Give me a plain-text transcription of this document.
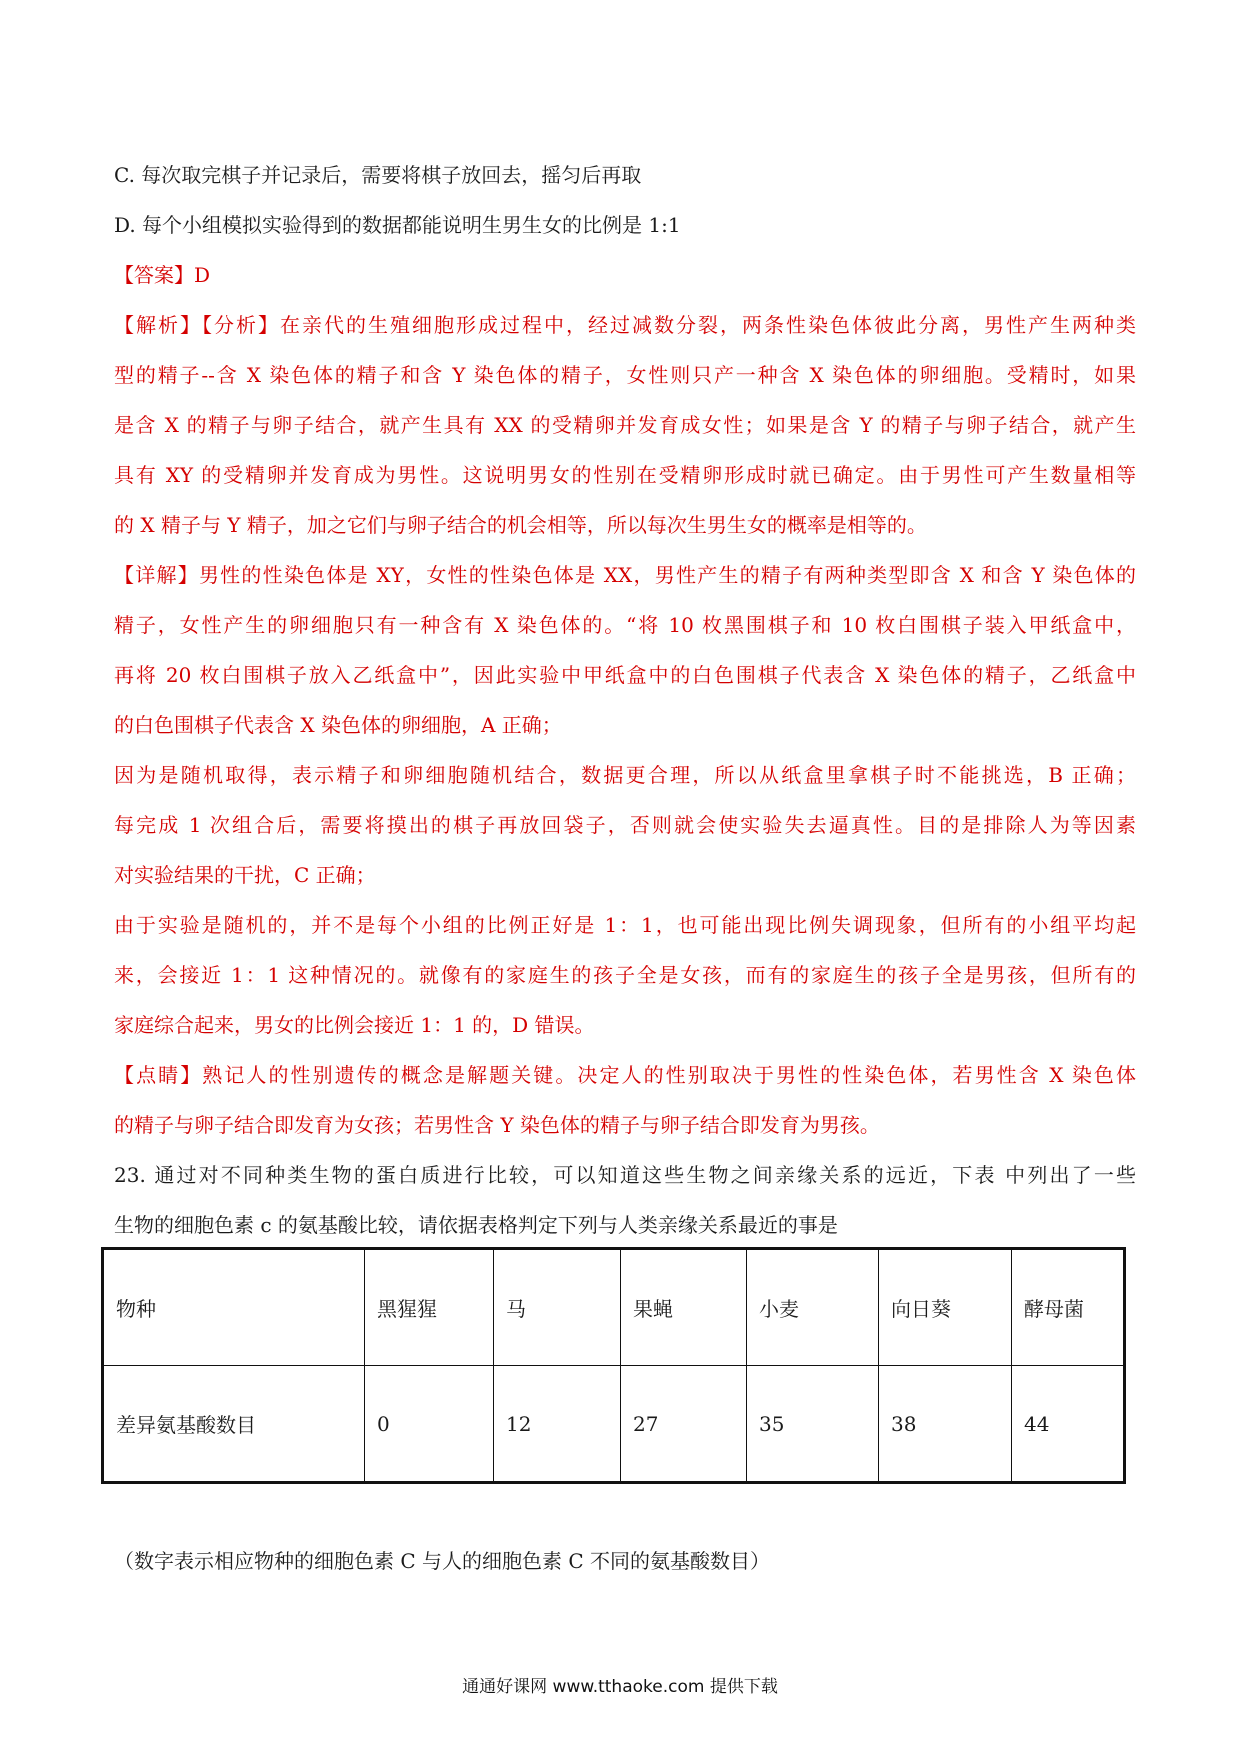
C. 每次取完棋子并记录后，需要将棋子放回去，摇匀后再取
D. 每个小组模拟实验得到的数据都能说明生男生女的比例是 1:1
【答案】D
【解析】【分析】在亲代的生殖细胞形成过程中，经过减数分裂，两条性染色体彼此分离，男性产生两种类
型的精子--含 X 染色体的精子和含 Y 染色体的精子，女性则只产一种含 X 染色体的卵细胞。受精时，如果
是含 X 的精子与卵子结合，就产生具有 XX 的受精卵并发育成女性；如果是含 Y 的精子与卵子结合，就产生
具有 XY 的受精卵并发育成为男性。这说明男女的性别在受精卵形成时就已确定。由于男性可产生数量相等
的 X 精子与 Y 精子，加之它们与卵子结合的机会相等，所以每次生男生女的概率是相等的。
【详解】男性的性染色体是 XY，女性的性染色体是 XX，男性产生的精子有两种类型即含 X 和含 Y 染色体的
精子，女性产生的卵细胞只有一种含有 X 染色体的。“将 10 枚黑围棋子和 10 枚白围棋子装入甲纸盒中，
再将 20 枚白围棋子放入乙纸盒中”，因此实验中甲纸盒中的白色围棋子代表含 X 染色体的精子，乙纸盒中
的白色围棋子代表含 X 染色体的卵细胞，A 正确；
因为是随机取得，表示精子和卵细胞随机结合，数据更合理，所以从纸盒里拿棋子时不能挑选，B 正确；
每完成 1 次组合后，需要将摸出的棋子再放回袋子，否则就会使实验失去逼真性。目的是排除人为等因素
对实验结果的干扰，C 正确；
由于实验是随机的，并不是每个小组的比例正好是 1：1，也可能出现比例失调现象，但所有的小组平均起
来，会接近 1：1 这种情况的。就像有的家庭生的孩子全是女孩，而有的家庭生的孩子全是男孩，但所有的
家庭综合起来，男女的比例会接近 1：1 的，D 错误。
【点睛】熟记人的性别遗传的概念是解题关键。决定人的性别取决于男性的性染色体，若男性含 X 染色体
的精子与卵子结合即发育为女孩；若男性含 Y 染色体的精子与卵子结合即发育为男孩。
23. 通过对不同种类生物的蛋白质进行比较，可以知道这些生物之间亲缘关系的远近，下表 中列出了一些
生物的细胞色素 c 的氨基酸比较，请依据表格判定下列与人类亲缘关系最近的事是
物种	黑猩猩	马	果蝇	小麦	向日葵	酵母菌
差异氨基酸数目	0	12	27	35	38	44
（数字表示相应物种的细胞色素 C 与人的细胞色素 C 不同的氨基酸数目）
通通好课网 www.tthaoke.com 提供下载
